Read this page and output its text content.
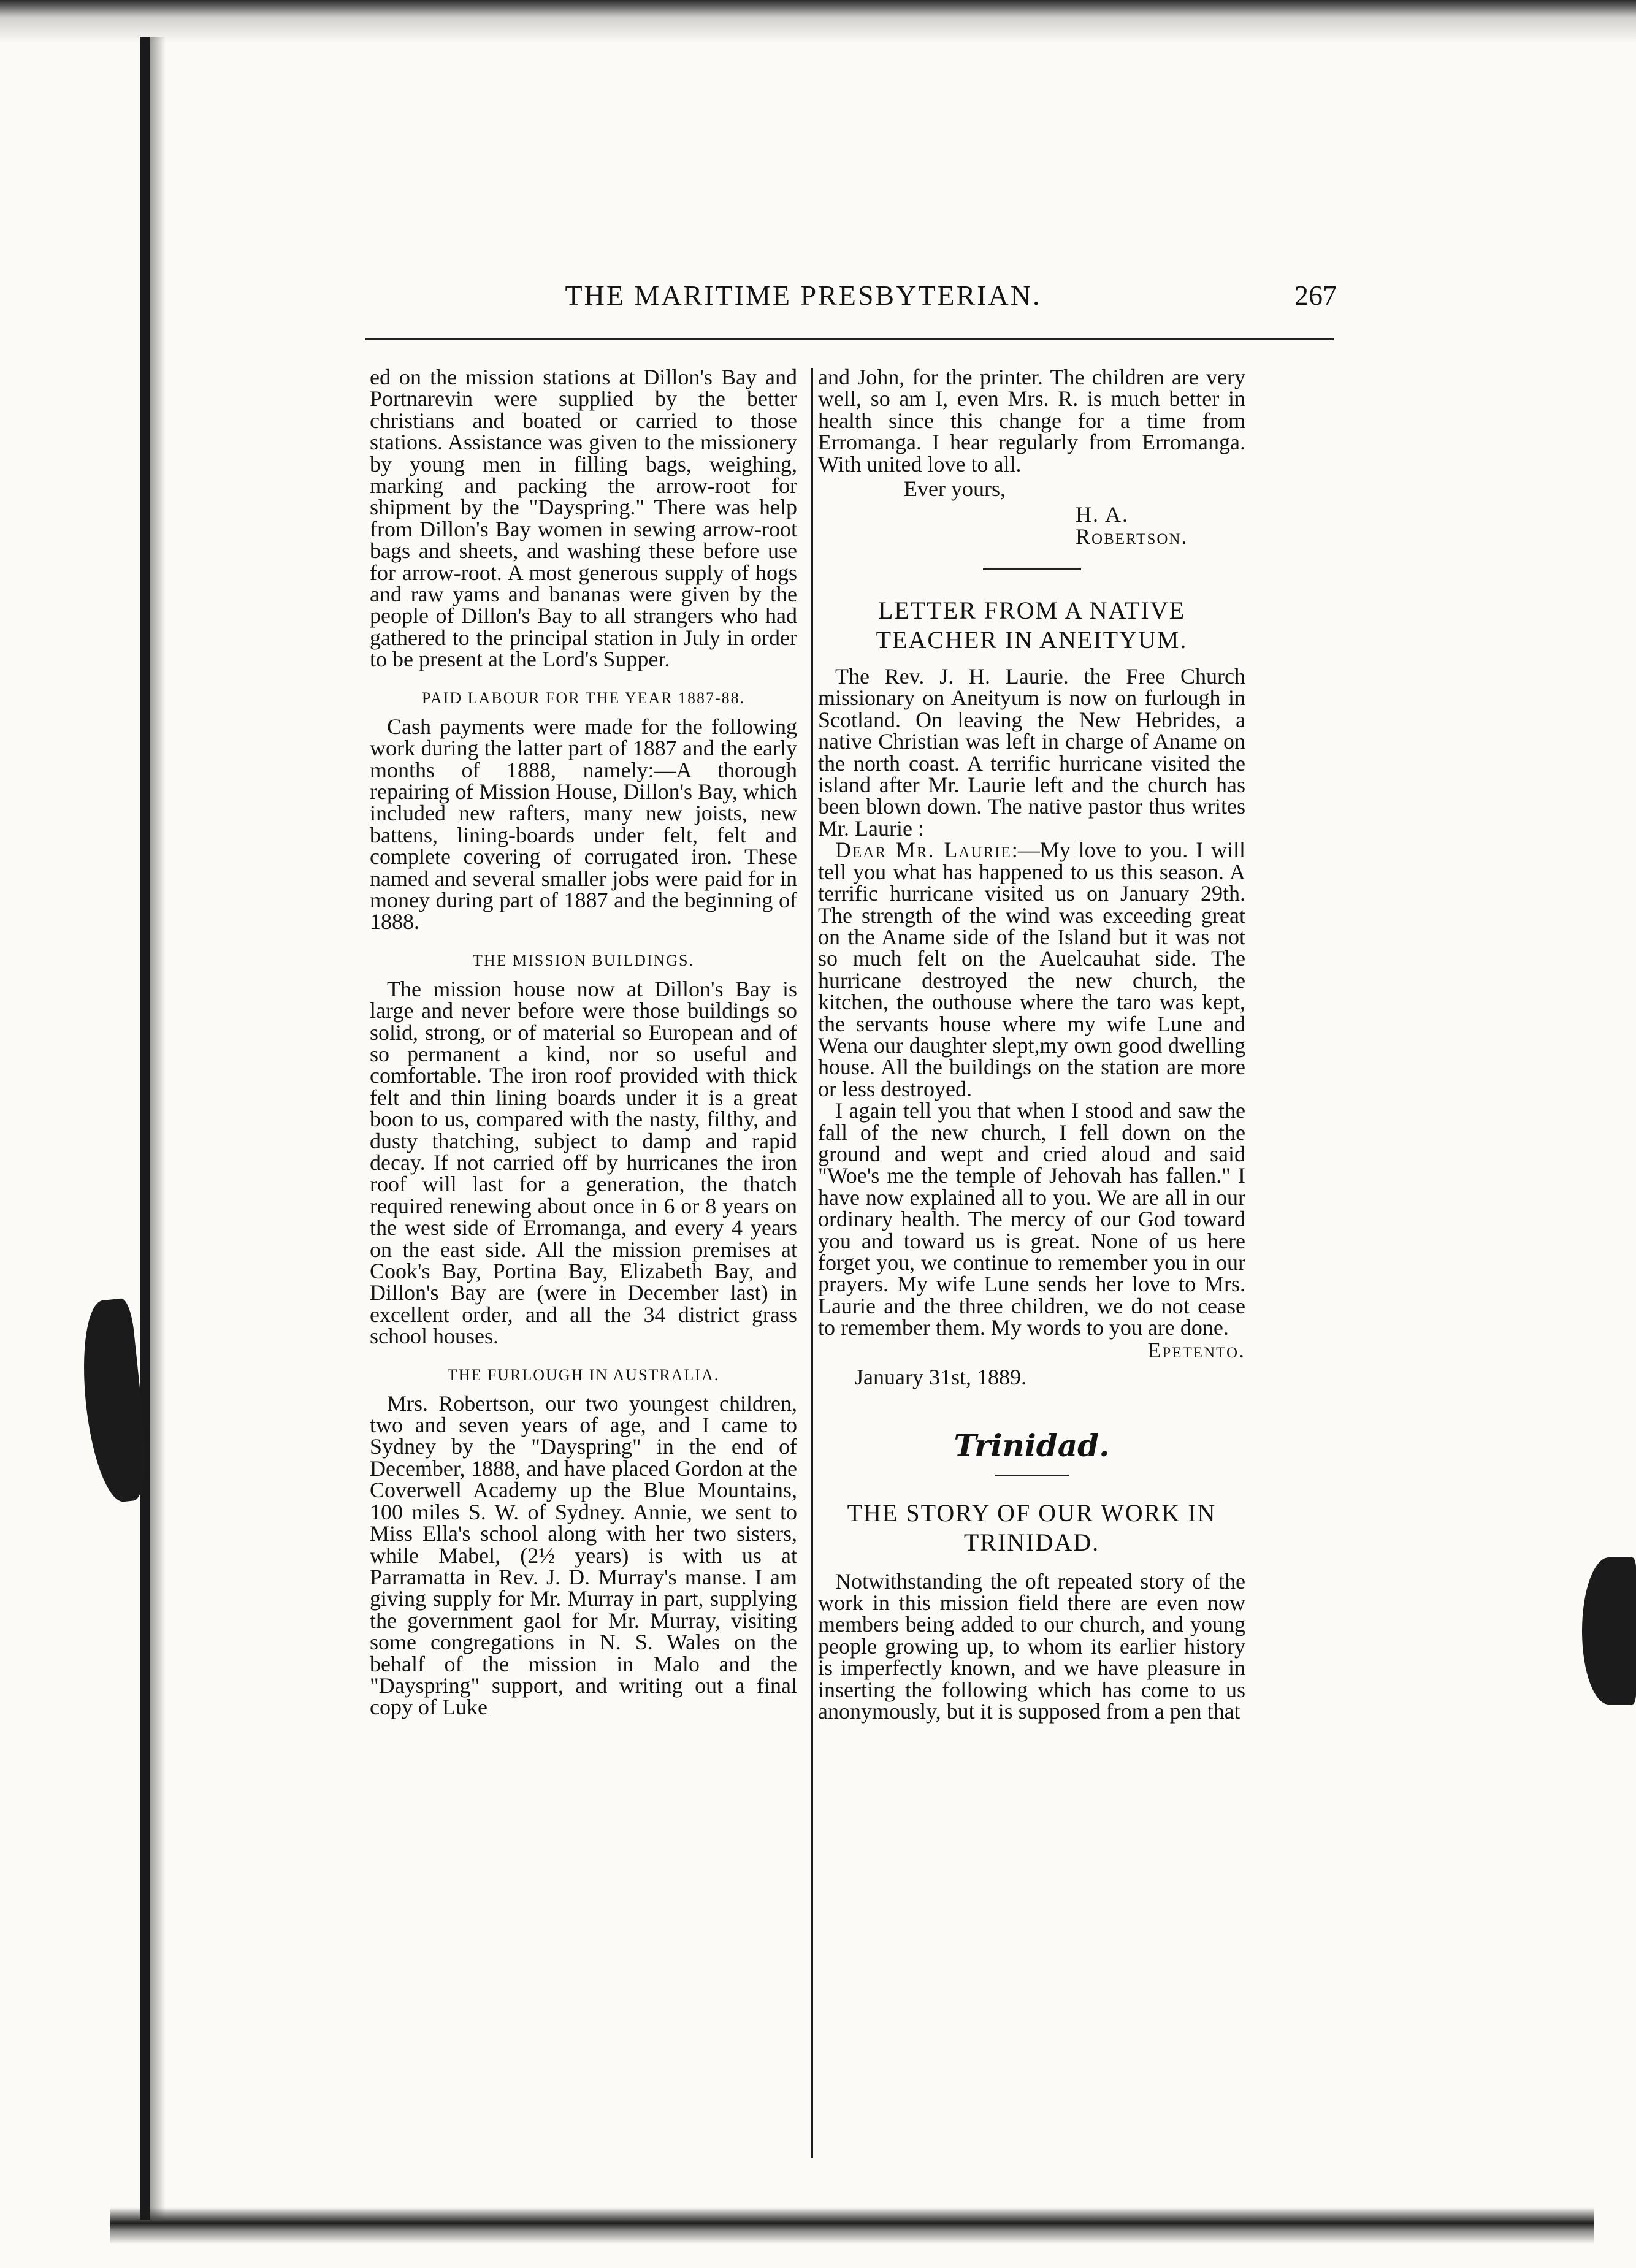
THE MARITIME PRESBYTERIAN.	267

ed on the mission stations at Dillon's Bay and Portnarevin were supplied by the better christians and boated or carried to those stations. Assistance was given to the missionery by young men in filling bags, weighing, marking and packing the arrow-root for shipment by the "Dayspring." There was help from Dillon's Bay women in sewing arrow-root bags and sheets, and washing these before use for arrow-root. A most generous supply of hogs and raw yams and bananas were given by the people of Dillon's Bay to all strangers who had gathered to the principal station in July in order to be present at the Lord's Supper.

PAID LABOUR FOR THE YEAR 1887-88.

Cash payments were made for the following work during the latter part of 1887 and the early months of 1888, namely:—A thorough repairing of Mission House, Dillon's Bay, which included new rafters, many new joists, new battens, lining-boards under felt, felt and complete covering of corrugated iron. These named and several smaller jobs were paid for in money during part of 1887 and the beginning of 1888.

THE MISSION BUILDINGS.

The mission house now at Dillon's Bay is large and never before were those buildings so solid, strong, or of material so European and of so permanent a kind, nor so useful and comfortable. The iron roof provided with thick felt and thin lining boards under it is a great boon to us, compared with the nasty, filthy, and dusty thatching, subject to damp and rapid decay. If not carried off by hurricanes the iron roof will last for a generation, the thatch required renewing about once in 6 or 8 years on the west side of Erromanga, and every 4 years on the east side. All the mission premises at Cook's Bay, Portina Bay, Elizabeth Bay, and Dillon's Bay are (were in December last) in excellent order, and all the 34 district grass school houses.

THE FURLOUGH IN AUSTRALIA.

Mrs. Robertson, our two youngest children, two and seven years of age, and I came to Sydney by the "Dayspring" in the end of December, 1888, and have placed Gordon at the Coverwell Academy up the Blue Mountains, 100 miles S. W. of Sydney. Annie, we sent to Miss Ella's school along with her two sisters, while Mabel, (2½ years) is with us at Parramatta in Rev. J. D. Murray's manse. I am giving supply for Mr. Murray in part, supplying the government gaol for Mr. Murray, visiting some congregations in N. S. Wales on the behalf of the mission in Malo and the "Dayspring" support, and writing out a final copy of Luke

and John, for the printer. The children are very well, so am I, even Mrs. R. is much better in health since this change for a time from Erromanga. I hear regularly from Erromanga. With united love to all.

Ever yours,
H. A. Robertson.
LETTER FROM A NATIVE TEACHER IN ANEITYUM.

The Rev. J. H. Laurie. the Free Church missionary on Aneityum is now on furlough in Scotland. On leaving the New Hebrides, a native Christian was left in charge of Aname on the north coast. A terrific hurricane visited the island after Mr. Laurie left and the church has been blown down. The native pastor thus writes Mr. Laurie :

Dear Mr. Laurie:—My love to you. I will tell you what has happened to us this season. A terrific hurricane visited us on January 29th. The strength of the wind was exceeding great on the Aname side of the Island but it was not so much felt on the Auelcauhat side. The hurricane destroyed the new church, the kitchen, the outhouse where the taro was kept, the servants house where my wife Lune and Wena our daughter slept,my own good dwelling house. All the buildings on the station are more or less destroyed.

I again tell you that when I stood and saw the fall of the new church, I fell down on the ground and wept and cried aloud and said "Woe's me the temple of Jehovah has fallen." I have now explained all to you. We are all in our ordinary health. The mercy of our God toward you and toward us is great. None of us here forget you, we continue to remember you in our prayers. My wife Lune sends her love to Mrs. Laurie and the three children, we do not cease to remember them. My words to you are done.

Epetento.
January 31st, 1889.
Trinidad.
THE STORY OF OUR WORK IN TRINIDAD.

Notwithstanding the oft repeated story of the work in this mission field there are even now members being added to our church, and young people growing up, to whom its earlier history is imperfectly known, and we have pleasure in inserting the following which has come to us anonymously, but it is supposed from a pen that
